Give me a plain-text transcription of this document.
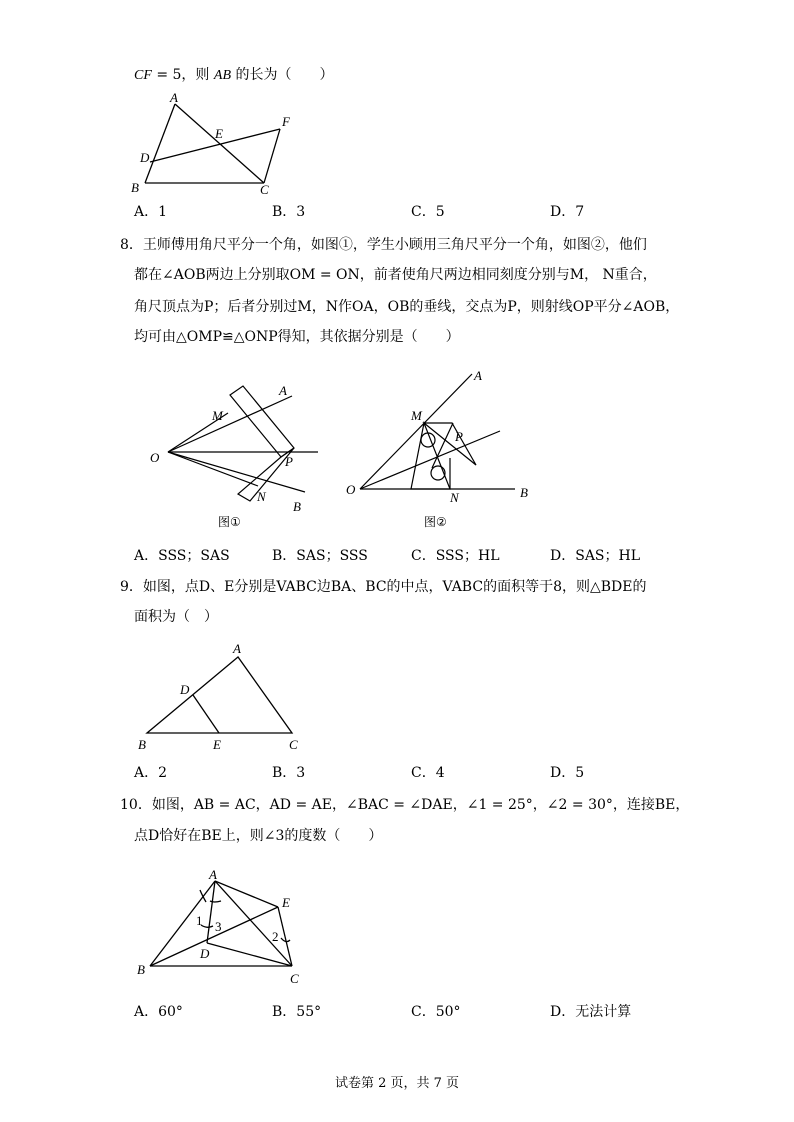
CF = 5，则 AB 的长为（　　）
A
B	C
D
E
F
A．1	B．3	C．5	D．7
8．王师傅用角尺平分一个角，如图①，学生小顾用三角尺平分一个角，如图②，他们
都在∠AOB两边上分别取OM = ON，前者使角尺两边相同刻度分别与M， N重合，
角尺顶点为P；后者分别过M，N作OA，OB的垂线，交点为P，则射线OP平分∠AOB，
均可由△OMP≌△ONP得知，其依据分别是（　　）
O
M
A
P
N
B
图①
A
M
P
O
N	B
图②
A．SSS；SAS	B．SAS；SSS	C．SSS；HL	D．SAS；HL
9．如图，点D、E分别是VABC边BA、BC的中点，VABC的面积等于8，则△BDE的
面积为（　）
A
D
B	E	C
A．2	B．3	C．4	D．5
10．如图，AB = AC，AD = AE，∠BAC = ∠DAE，∠1 = 25°，∠2 = 30°，连接BE，
点D恰好在BE上，则∠3的度数（　　）
A
E
B
D
C
1 3
2
A．60°	B．55°	C．50°	D．无法计算
试卷第 2 页，共 7 页
